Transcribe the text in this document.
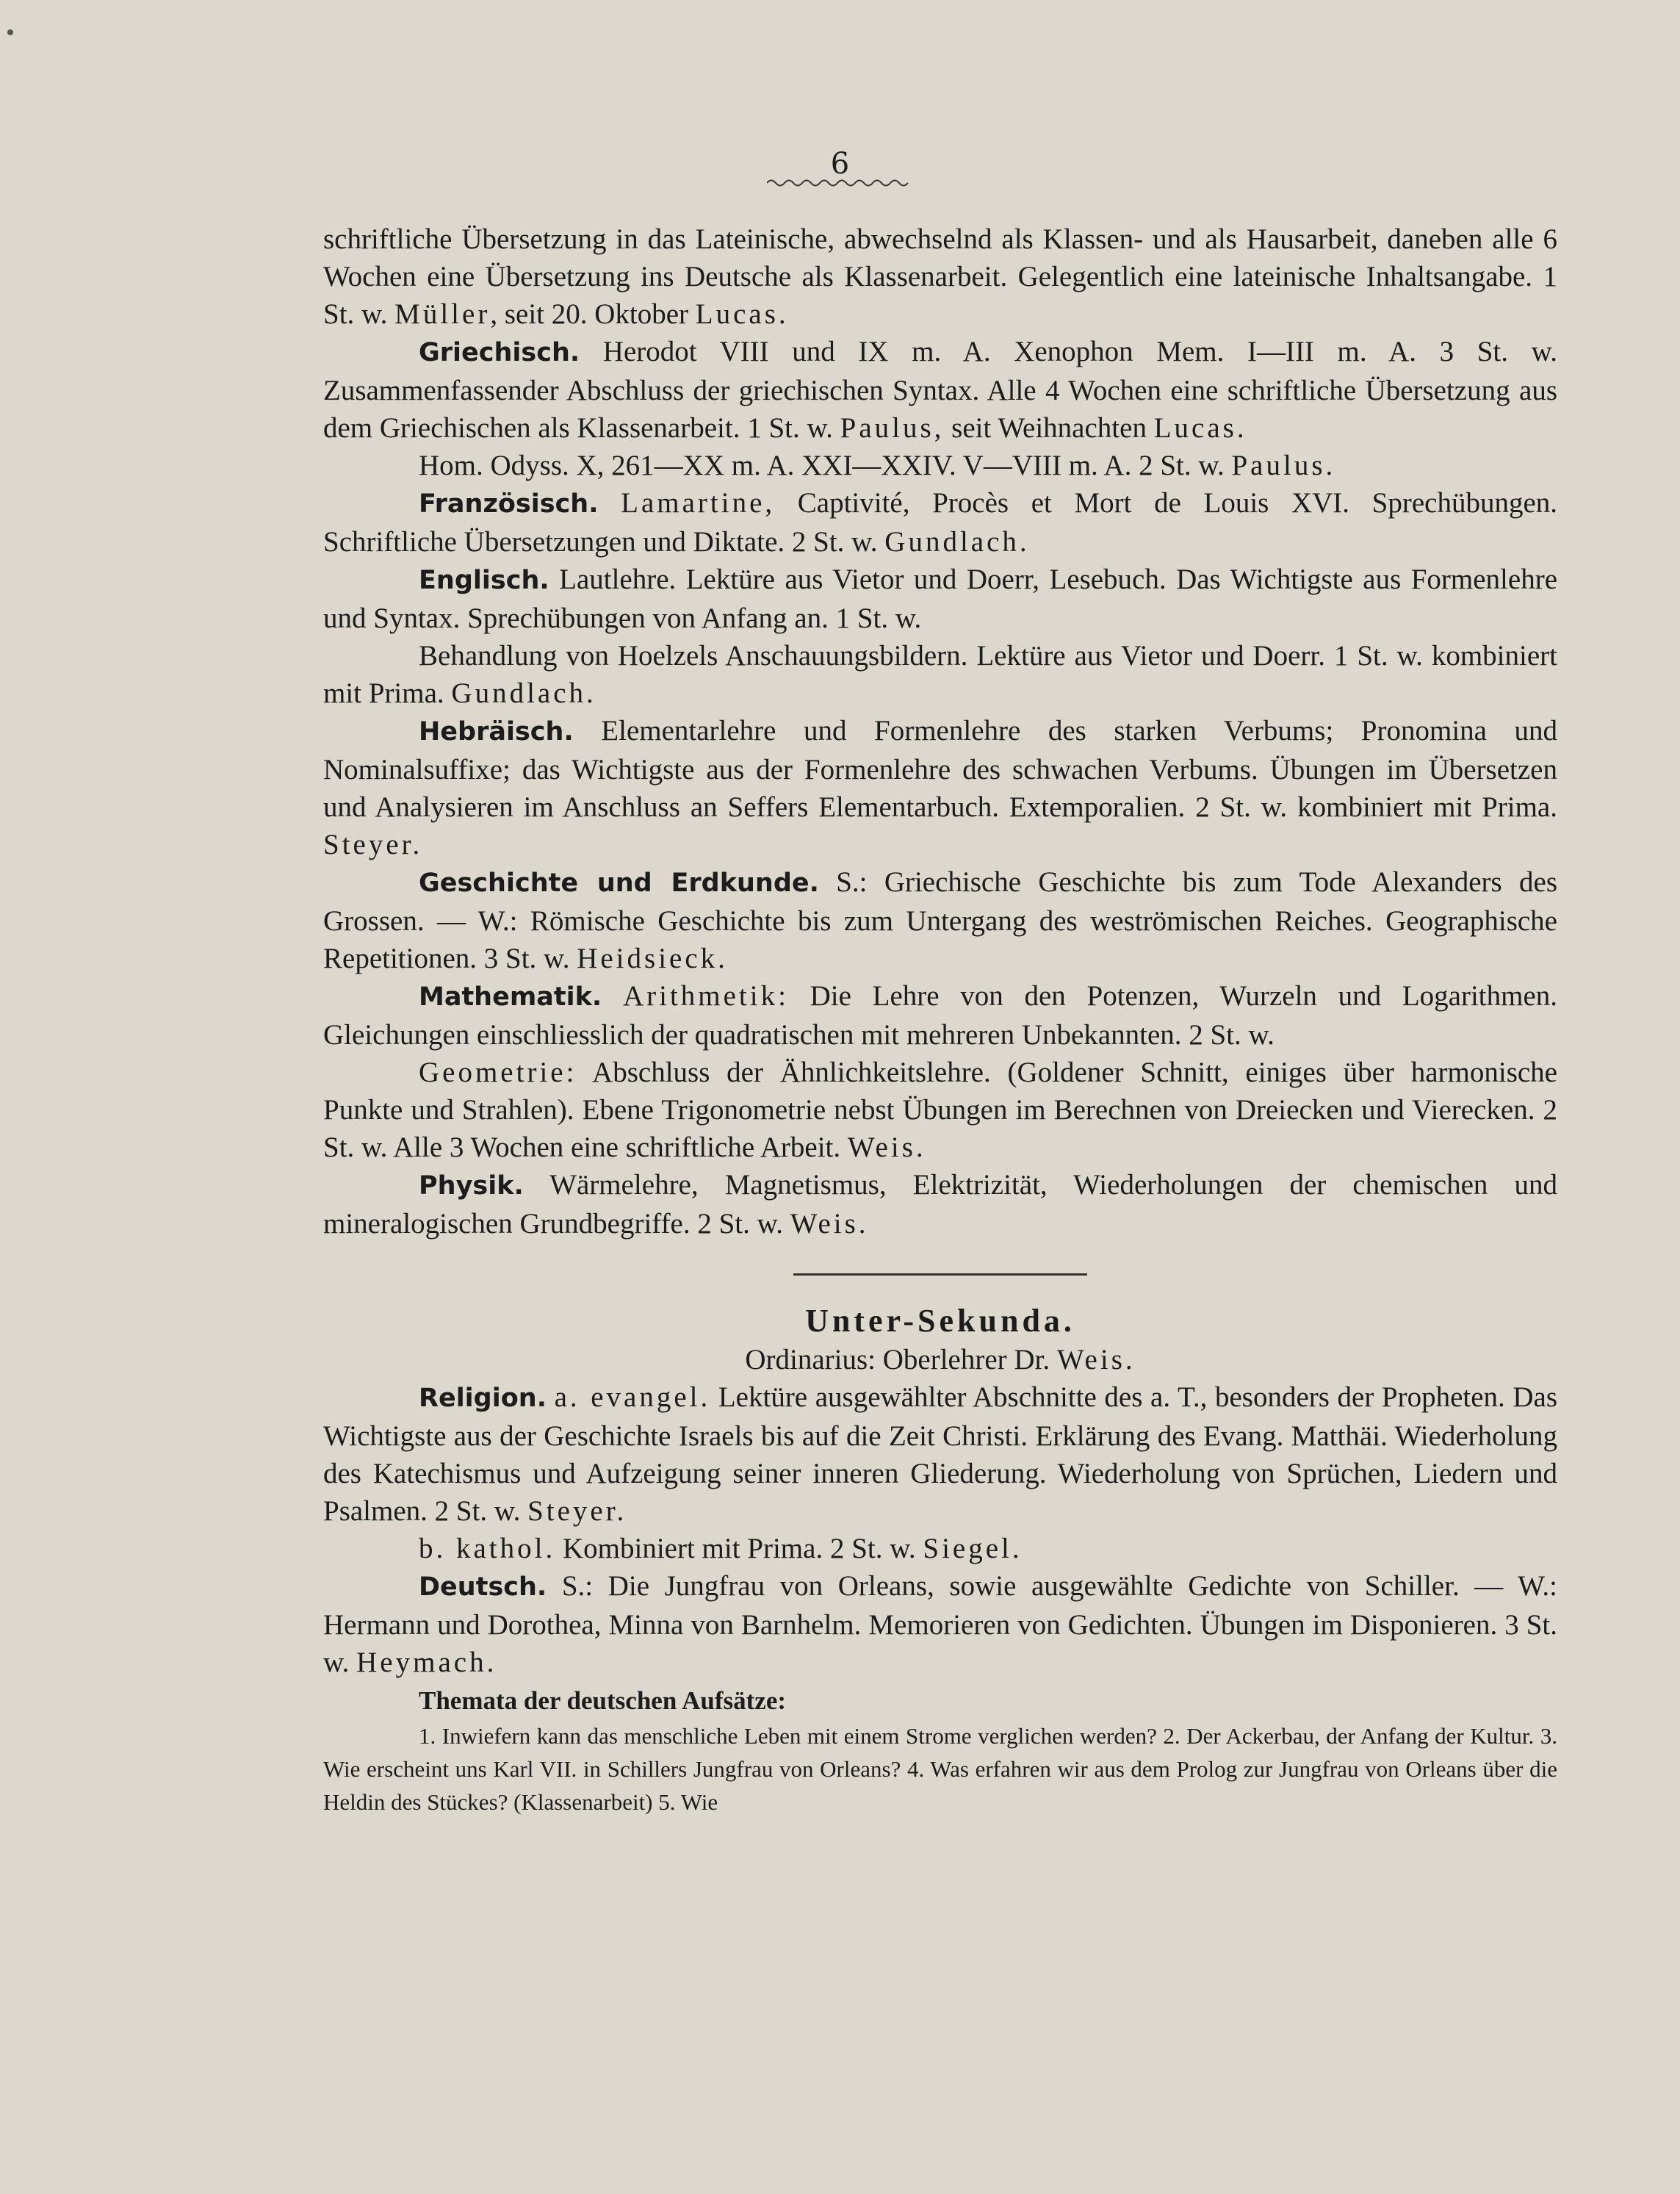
6

schriftliche Übersetzung in das Lateinische, abwechselnd als Klassen- und als Hausarbeit, daneben alle 6 Wochen eine Übersetzung ins Deutsche als Klassenarbeit. Gelegentlich eine lateinische Inhaltsangabe. 1 St. w. Müller, seit 20. Oktober Lucas.

Griechisch. Herodot VIII und IX m. A. Xenophon Mem. I—III m. A. 3 St. w. Zusammenfassender Abschluss der griechischen Syntax. Alle 4 Wochen eine schriftliche Übersetzung aus dem Griechischen als Klassenarbeit. 1 St. w. Paulus, seit Weihnachten Lucas.

Hom. Odyss. X, 261—XX m. A. XXI—XXIV. V—VIII m. A. 2 St. w. Paulus.

Französisch. Lamartine, Captivité, Procès et Mort de Louis XVI. Sprechübungen. Schriftliche Übersetzungen und Diktate. 2 St. w. Gundlach.

Englisch. Lautlehre. Lektüre aus Vietor und Doerr, Lesebuch. Das Wichtigste aus Formenlehre und Syntax. Sprechübungen von Anfang an. 1 St. w.

Behandlung von Hoelzels Anschauungsbildern. Lektüre aus Vietor und Doerr. 1 St. w. kombiniert mit Prima. Gundlach.

Hebräisch. Elementarlehre und Formenlehre des starken Verbums; Pronomina und Nominalsuffixe; das Wichtigste aus der Formenlehre des schwachen Verbums. Übungen im Übersetzen und Analysieren im Anschluss an Seffers Elementarbuch. Extemporalien. 2 St. w. kombiniert mit Prima. Steyer.

Geschichte und Erdkunde. S.: Griechische Geschichte bis zum Tode Alexanders des Grossen. — W.: Römische Geschichte bis zum Untergang des weströmischen Reiches. Geographische Repetitionen. 3 St. w. Heidsieck.

Mathematik. Arithmetik: Die Lehre von den Potenzen, Wurzeln und Logarithmen. Gleichungen einschliesslich der quadratischen mit mehreren Unbekannten. 2 St. w.

Geometrie: Abschluss der Ähnlichkeitslehre. (Goldener Schnitt, einiges über harmonische Punkte und Strahlen). Ebene Trigonometrie nebst Übungen im Berechnen von Dreiecken und Vierecken. 2 St. w. Alle 3 Wochen eine schriftliche Arbeit. Weis.

Physik. Wärmelehre, Magnetismus, Elektrizität, Wiederholungen der chemischen und mineralogischen Grundbegriffe. 2 St. w. Weis.

Unter-Sekunda.

Ordinarius: Oberlehrer Dr. Weis.

Religion. a. evangel. Lektüre ausgewählter Abschnitte des a. T., besonders der Propheten. Das Wichtigste aus der Geschichte Israels bis auf die Zeit Christi. Erklärung des Evang. Matthäi. Wiederholung des Katechismus und Aufzeigung seiner inneren Gliederung. Wiederholung von Sprüchen, Liedern und Psalmen. 2 St. w. Steyer.

b. kathol. Kombiniert mit Prima. 2 St. w. Siegel.

Deutsch. S.: Die Jungfrau von Orleans, sowie ausgewählte Gedichte von Schiller. — W.: Hermann und Dorothea, Minna von Barnhelm. Memorieren von Gedichten. Übungen im Disponieren. 3 St. w. Heymach.

Themata der deutschen Aufsätze:

1. Inwiefern kann das menschliche Leben mit einem Strome verglichen werden? 2. Der Ackerbau, der Anfang der Kultur. 3. Wie erscheint uns Karl VII. in Schillers Jungfrau von Orleans? 4. Was erfahren wir aus dem Prolog zur Jungfrau von Orleans über die Heldin des Stückes? (Klassenarbeit) 5. Wie
